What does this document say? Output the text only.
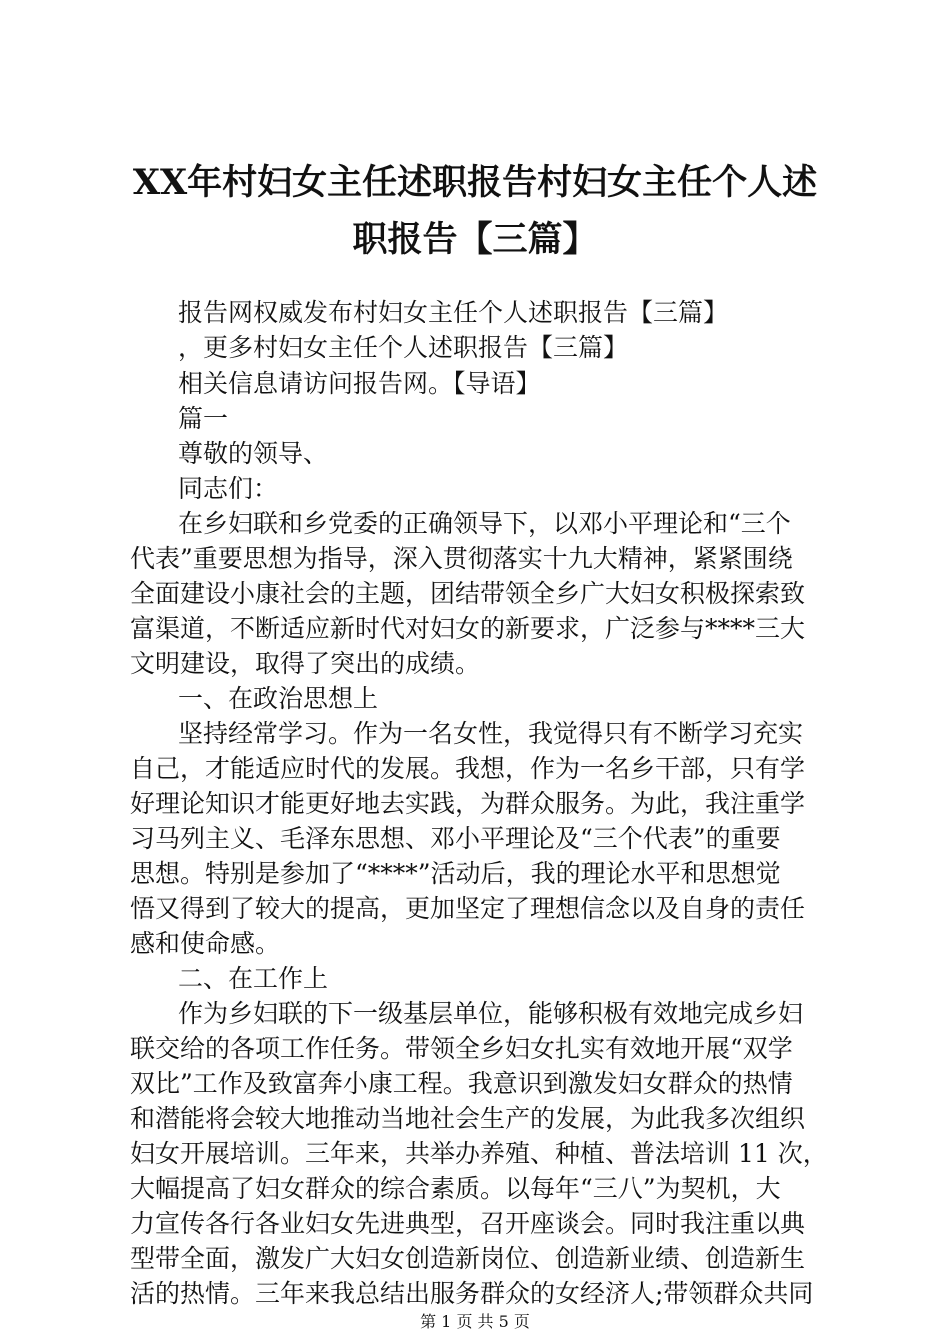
XX年村妇女主任述职报告村妇女主任个人述
职报告【三篇】

报告网权威发布村妇女主任个人述职报告【三篇】

，更多村妇女主任个人述职报告【三篇】

相关信息请访问报告网。【导语】

篇一

尊敬的领导、

同志们：

在乡妇联和乡党委的正确领导下，以邓小平理论和“三个

代表”重要思想为指导，深入贯彻落实十九大精神，紧紧围绕

全面建设小康社会的主题，团结带领全乡广大妇女积极探索致

富渠道，不断适应新时代对妇女的新要求，广泛参与****三大

文明建设，取得了突出的成绩。

一、在政治思想上

坚持经常学习。作为一名女性，我觉得只有不断学习充实

自己，才能适应时代的发展。我想，作为一名乡干部，只有学

好理论知识才能更好地去实践，为群众服务。为此，我注重学

习马列主义、毛泽东思想、邓小平理论及“三个代表”的重要

思想。特别是参加了“****”活动后，我的理论水平和思想觉

悟又得到了较大的提高，更加坚定了理想信念以及自身的责任

感和使命感。

二、在工作上

作为乡妇联的下一级基层单位，能够积极有效地完成乡妇

联交给的各项工作任务。带领全乡妇女扎实有效地开展“双学

双比”工作及致富奔小康工程。我意识到激发妇女群众的热情

和潜能将会较大地推动当地社会生产的发展，为此我多次组织

妇女开展培训。三年来，共举办养殖、种植、普法培训 11 次，

大幅提高了妇女群众的综合素质。以每年“三八”为契机，大

力宣传各行各业妇女先进典型，召开座谈会。同时我注重以典

型带全面，激发广大妇女创造新岗位、创造新业绩、创造新生

活的热情。三年来我总结出服务群众的女经济人;带领群众共同

第 1 页 共 5 页
